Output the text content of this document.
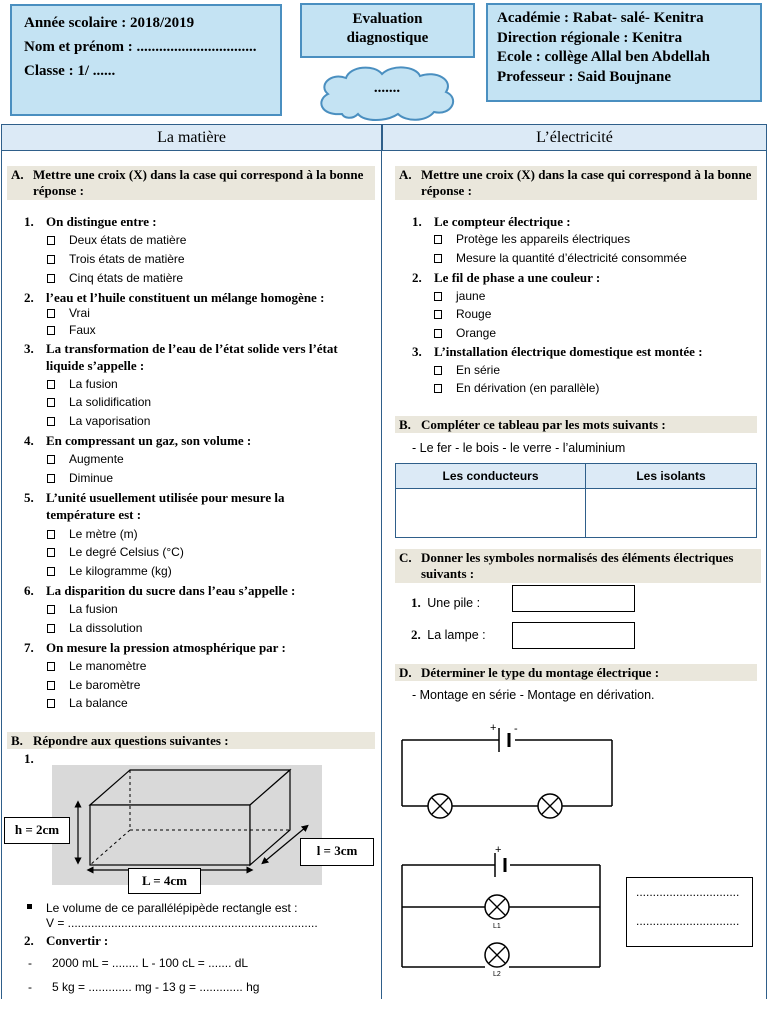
Année scolaire : 2018/2019
Nom et prénom : ................................
Classe : 1/ ......
Evaluation
diagnostique
.......
Académie : Rabat- salé- Kenitra
Direction régionale : Kenitra
Ecole : collège Allal ben Abdellah
Professeur : Said Boujnane
La matière	L’électricité
A. Mettre une croix (X) dans la case qui correspond à la bonne réponse :
1. On distingue entre :
Deux états de matière
Trois états de matière
Cinq états de matière
2. l’eau et l’huile constituent un mélange homogène :
Vrai
Faux
3. La transformation de l’eau de l’état solide vers l’état liquide s’appelle :
La fusion
La solidification
La vaporisation
4. En compressant un gaz, son volume :
Augmente
Diminue
5. L’unité usuellement utilisée pour mesure la température est :
Le mètre (m)
Le degré Celsius (°C)
Le kilogramme (kg)
6. La disparition du sucre dans l’eau s’appelle :
La fusion
La dissolution
7. On mesure la pression atmosphérique par :
Le manomètre
Le baromètre
La balance
B. Répondre aux questions suivantes :
1.
h = 2cm
l = 3cm
L = 4cm
Le volume de ce parallélépipède rectangle est :
V = ...........................................................................
2. Convertir :
- 2000 mL = ........ L - 100 cL = ....... dL
- 5 kg = ............. mg - 13 g = ............. hg
A. Mettre une croix (X) dans la case qui correspond à la bonne réponse :
1. Le compteur électrique :
Protège les appareils électriques
Mesure la quantité d’électricité consommée
2. Le fil de phase a une couleur :
jaune
Rouge
Orange
3. L’installation électrique domestique est montée :
En série
En dérivation (en parallèle)
B. Compléter ce tableau par les mots suivants :
- Le fer - le bois - le verre - l’aluminium
Les conducteurs	Les isolants

C. Donner les symboles normalisés des éléments électriques suivants :
1. Une pile :
2. La lampe :
D. Déterminer le type du montage électrique :
- Montage en série - Montage en dérivation.
+ -
+
L1
L2
...............................
...............................
